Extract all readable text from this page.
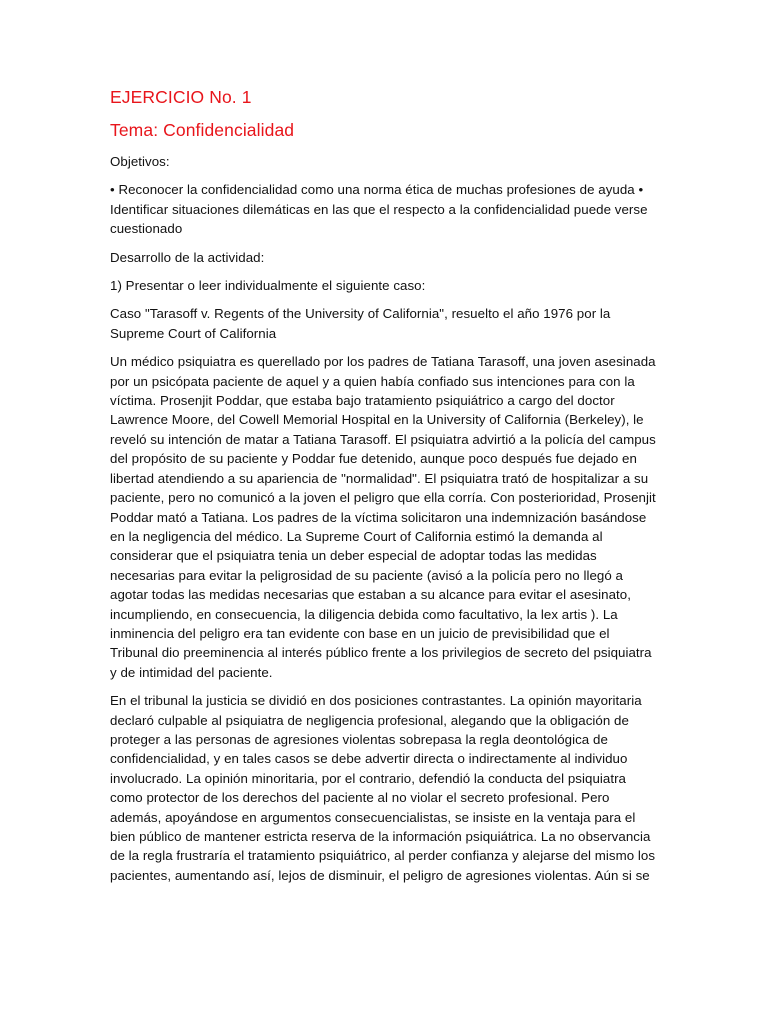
EJERCICIO No. 1
Tema: Confidencialidad

Objetivos:

• Reconocer la confidencialidad como una norma ética de muchas profesiones de ayuda • Identificar situaciones dilemáticas en las que el respecto a la confidencialidad puede verse cuestionado

Desarrollo de la actividad:

1) Presentar o leer individualmente el siguiente caso:

Caso "Tarasoff v. Regents of the University of California", resuelto el año 1976 por la Supreme Court of California

Un médico psiquiatra es querellado por los padres de Tatiana Tarasoff, una joven asesinada por un psicópata paciente de aquel y a quien había confiado sus intenciones para con la víctima. Prosenjit Poddar, que estaba bajo tratamiento psiquiátrico a cargo del doctor Lawrence Moore, del Cowell Memorial Hospital en la University of California (Berkeley), le reveló su intención de matar a Tatiana Tarasoff. El psiquiatra advirtió a la policía del campus del propósito de su paciente y Poddar fue detenido, aunque poco después fue dejado en libertad atendiendo a su apariencia de "normalidad". El psiquiatra trató de hospitalizar a su paciente, pero no comunicó a la joven el peligro que ella corría. Con posterioridad, Prosenjit Poddar mató a Tatiana. Los padres de la víctima solicitaron una indemnización basándose en la negligencia del médico. La Supreme Court of California estimó la demanda al considerar que el psiquiatra tenia un deber especial de adoptar todas las medidas necesarias para evitar la peligrosidad de su paciente (avisó a la policía pero no llegó a agotar todas las medidas necesarias que estaban a su alcance para evitar el asesinato, incumpliendo, en consecuencia, la diligencia debida como facultativo, la lex artis ). La inminencia del peligro era tan evidente con base en un juicio de previsibilidad que el Tribunal dio preeminencia al interés público frente a los privilegios de secreto del psiquiatra y de intimidad del paciente.

En el tribunal la justicia se dividió en dos posiciones contrastantes. La opinión mayoritaria declaró culpable al psiquiatra de negligencia profesional, alegando que la obligación de proteger a las personas de agresiones violentas sobrepasa la regla deontológica de confidencialidad, y en tales casos se debe advertir directa o indirectamente al individuo involucrado. La opinión minoritaria, por el contrario, defendió la conducta del psiquiatra como protector de los derechos del paciente al no violar el secreto profesional. Pero además, apoyándose en argumentos consecuencialistas, se insiste en la ventaja para el bien público de mantener estricta reserva de la información psiquiátrica. La no observancia de la regla frustraría el tratamiento psiquiátrico, al perder confianza y alejarse del mismo los pacientes, aumentando así, lejos de disminuir, el peligro de agresiones violentas. Aún si se
